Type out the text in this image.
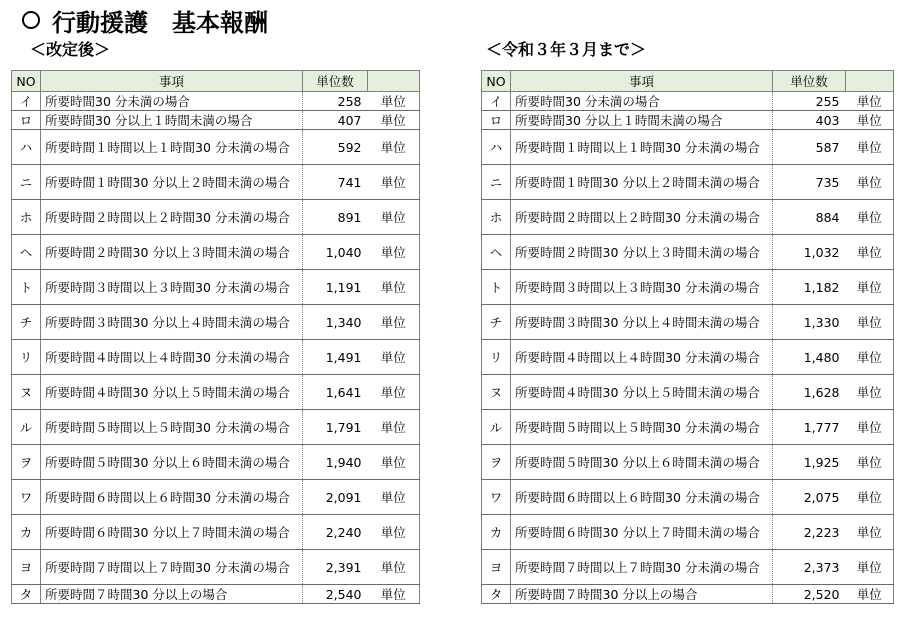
行動援護　基本報酬
＜改定後＞	＜令和３年３月まで＞
NO	事項	単位数	
イ	所要時間30 分未満の場合	258	単位
ロ	所要時間30 分以上１時間未満の場合	407	単位
ハ	所要時間１時間以上１時間30 分未満の場合	592	単位
ニ	所要時間１時間30 分以上２時間未満の場合	741	単位
ホ	所要時間２時間以上２時間30 分未満の場合	891	単位
ヘ	所要時間２時間30 分以上３時間未満の場合	1,040	単位
ト	所要時間３時間以上３時間30 分未満の場合	1,191	単位
チ	所要時間３時間30 分以上４時間未満の場合	1,340	単位
リ	所要時間４時間以上４時間30 分未満の場合	1,491	単位
ヌ	所要時間４時間30 分以上５時間未満の場合	1,641	単位
ル	所要時間５時間以上５時間30 分未満の場合	1,791	単位
ヲ	所要時間５時間30 分以上６時間未満の場合	1,940	単位
ワ	所要時間６時間以上６時間30 分未満の場合	2,091	単位
カ	所要時間６時間30 分以上７時間未満の場合	2,240	単位
ヨ	所要時間７時間以上７時間30 分未満の場合	2,391	単位
タ	所要時間７時間30 分以上の場合	2,540	単位
NO	事項	単位数	
イ	所要時間30 分未満の場合	255	単位
ロ	所要時間30 分以上１時間未満の場合	403	単位
ハ	所要時間１時間以上１時間30 分未満の場合	587	単位
ニ	所要時間１時間30 分以上２時間未満の場合	735	単位
ホ	所要時間２時間以上２時間30 分未満の場合	884	単位
ヘ	所要時間２時間30 分以上３時間未満の場合	1,032	単位
ト	所要時間３時間以上３時間30 分未満の場合	1,182	単位
チ	所要時間３時間30 分以上４時間未満の場合	1,330	単位
リ	所要時間４時間以上４時間30 分未満の場合	1,480	単位
ヌ	所要時間４時間30 分以上５時間未満の場合	1,628	単位
ル	所要時間５時間以上５時間30 分未満の場合	1,777	単位
ヲ	所要時間５時間30 分以上６時間未満の場合	1,925	単位
ワ	所要時間６時間以上６時間30 分未満の場合	2,075	単位
カ	所要時間６時間30 分以上７時間未満の場合	2,223	単位
ヨ	所要時間７時間以上７時間30 分未満の場合	2,373	単位
タ	所要時間７時間30 分以上の場合	2,520	単位
